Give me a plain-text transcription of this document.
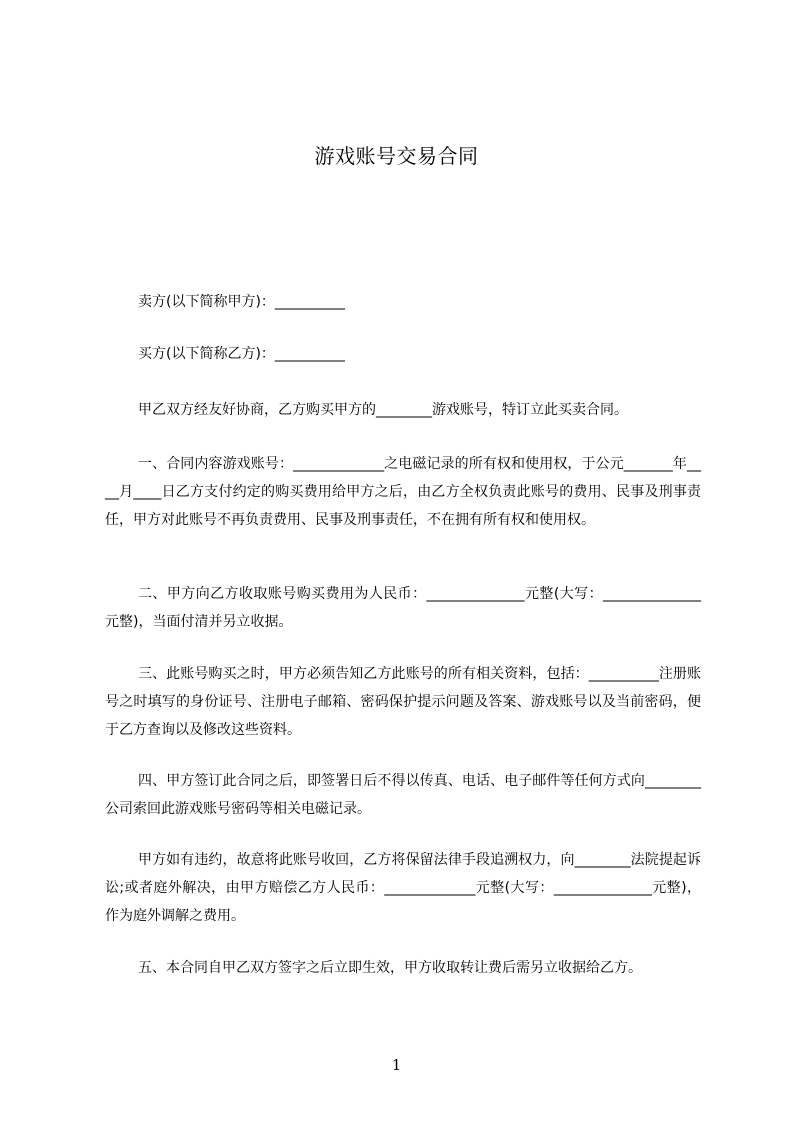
游戏账号交易合同
卖方(以下简称甲方)：__________
买方(以下简称乙方)：__________
甲乙双方经友好协商，乙方购买甲方的________游戏账号，特订立此买卖合同。
一、合同内容游戏账号：_____________之电磁记录的所有权和使用权，于公元_______年____月____日乙方支付约定的购买费用给甲方之后，由乙方全权负责此账号的费用、民事及刑事责任，甲方对此账号不再负责费用、民事及刑事责任，不在拥有所有权和使用权。
二、甲方向乙方收取账号购买费用为人民币：______________元整(大写：______________元整)，当面付清并另立收据。
三、此账号购买之时，甲方必须告知乙方此账号的所有相关资料，包括：__________注册账号之时填写的身份证号、注册电子邮箱、密码保护提示问题及答案、游戏账号以及当前密码，便于乙方查询以及修改这些资料。
四、甲方签订此合同之后，即签署日后不得以传真、电话、电子邮件等任何方式向________公司索回此游戏账号密码等相关电磁记录。
甲方如有违约，故意将此账号收回，乙方将保留法律手段追溯权力，向________法院提起诉讼;或者庭外解决，由甲方赔偿乙方人民币：_____________元整(大写：______________元整)，作为庭外调解之费用。
五、本合同自甲乙双方签字之后立即生效，甲方收取转让费后需另立收据给乙方。
1
